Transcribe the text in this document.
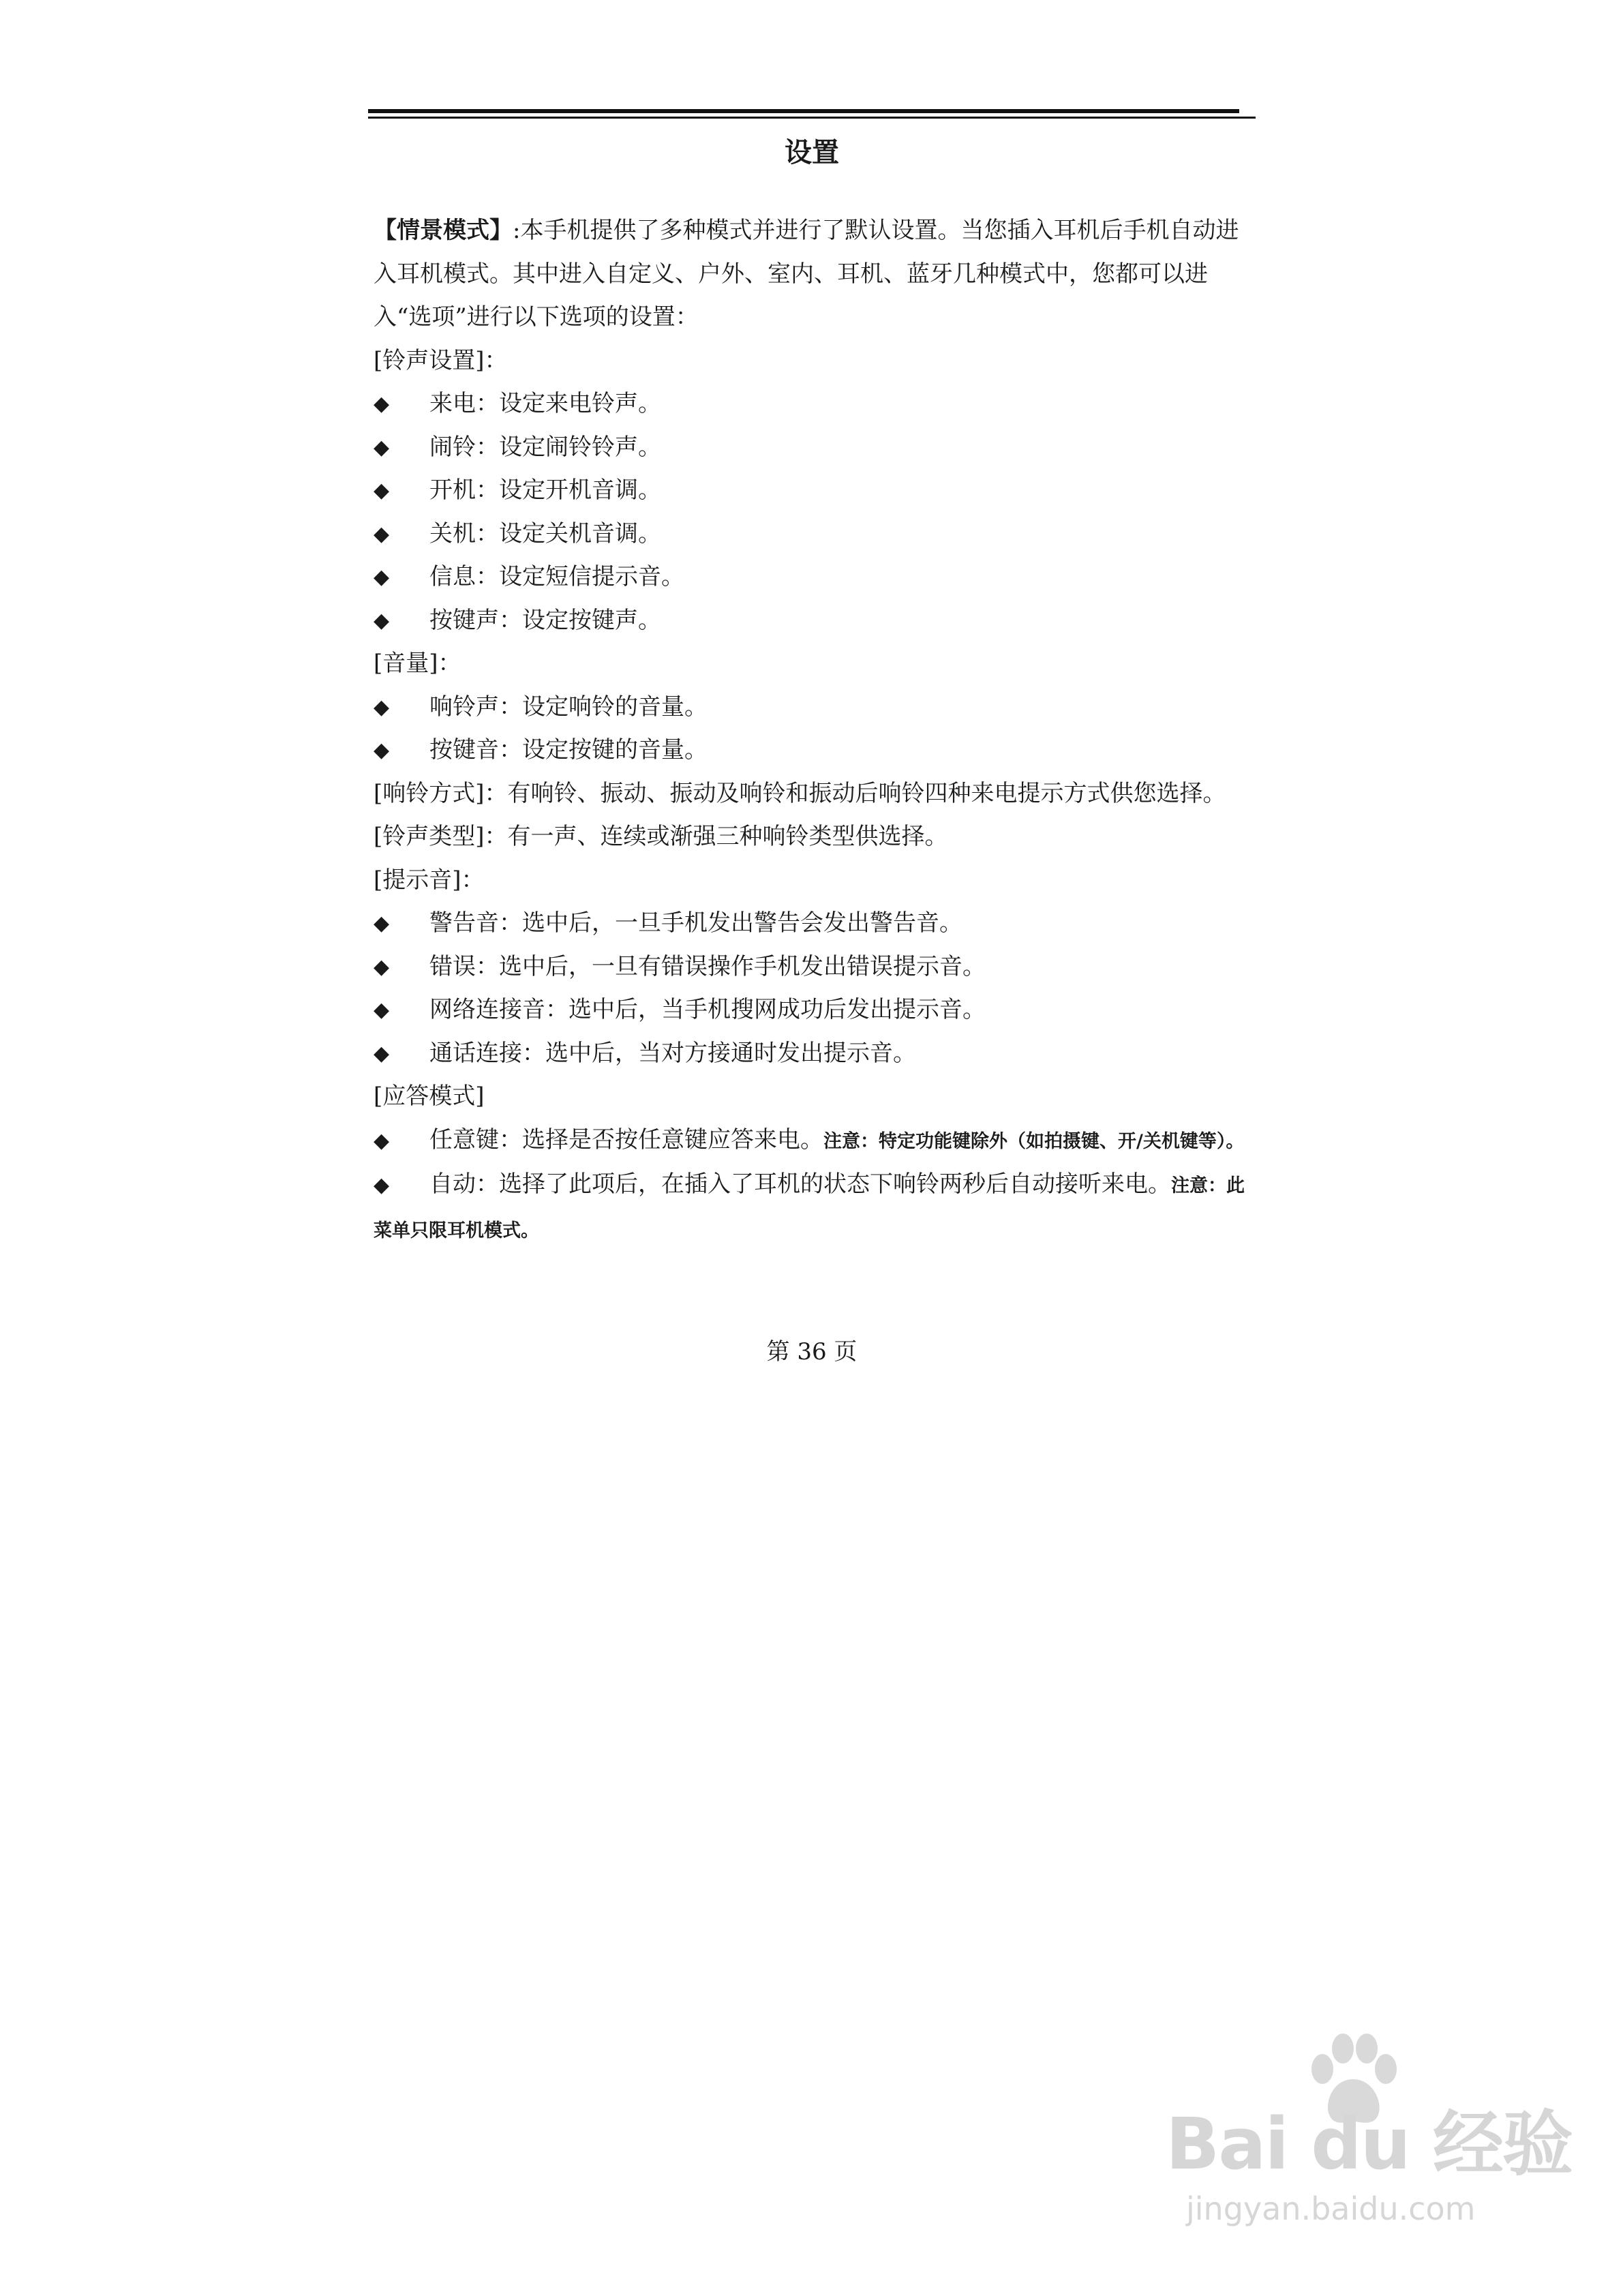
设置

【情景模式】:本手机提供了多种模式并进行了默认设置。当您插入耳机后手机自动进入耳机模式。其中进入自定义、户外、室内、耳机、蓝牙几种模式中，您都可以进入“选项”进行以下选项的设置：

[铃声设置]：

◆	来电：设定来电铃声。
◆	闹铃：设定闹铃铃声。
◆	开机：设定开机音调。
◆	关机：设定关机音调。
◆	信息：设定短信提示音。
◆	按键声：设定按键声。

[音量]：

◆	响铃声：设定响铃的音量。
◆	按键音：设定按键的音量。

[响铃方式]：有响铃、振动、振动及响铃和振动后响铃四种来电提示方式供您选择。

[铃声类型]：有一声、连续或渐强三种响铃类型供选择。

[提示音]：

◆	警告音：选中后，一旦手机发出警告会发出警告音。
◆	错误：选中后，一旦有错误操作手机发出错误提示音。
◆	网络连接音：选中后，当手机搜网成功后发出提示音。
◆	通话连接：选中后，当对方接通时发出提示音。

[应答模式]

◆ 任意键：选择是否按任意键应答来电。注意：特定功能键除外（如拍摄键、开/关机键等）。

◆ 自动：选择了此项后，在插入了耳机的状态下响铃两秒后自动接听来电。注意：此菜单只限耳机模式。

第 36 页
Bai du 经验
jingyan.baidu.com
